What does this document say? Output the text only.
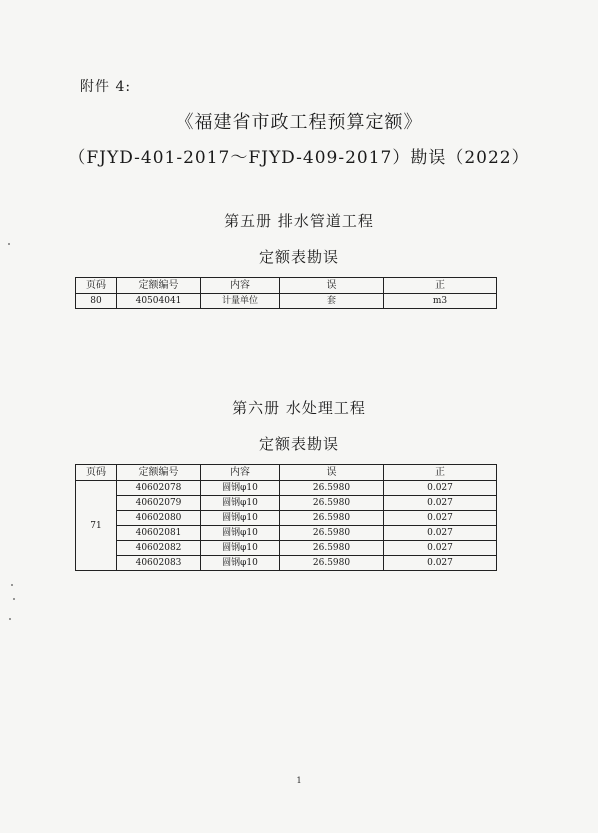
附件 4:
《福建省市政工程预算定额》
（FJYD-401-2017～FJYD-409-2017）勘误（2022）
第五册 排水管道工程
定额表勘误
页码	定额编号	内容	误	正
80	40504041	计量单位	套	m3
第六册 水处理工程
定额表勘误
页码	定额编号	内容	误	正
71	40602078	圆钢φ10	26.5980	0.027
	40602079	圆钢φ10	26.5980	0.027
	40602080	圆钢φ10	26.5980	0.027
	40602081	圆钢φ10	26.5980	0.027
	40602082	圆钢φ10	26.5980	0.027
	40602083	圆钢φ10	26.5980	0.027
1
